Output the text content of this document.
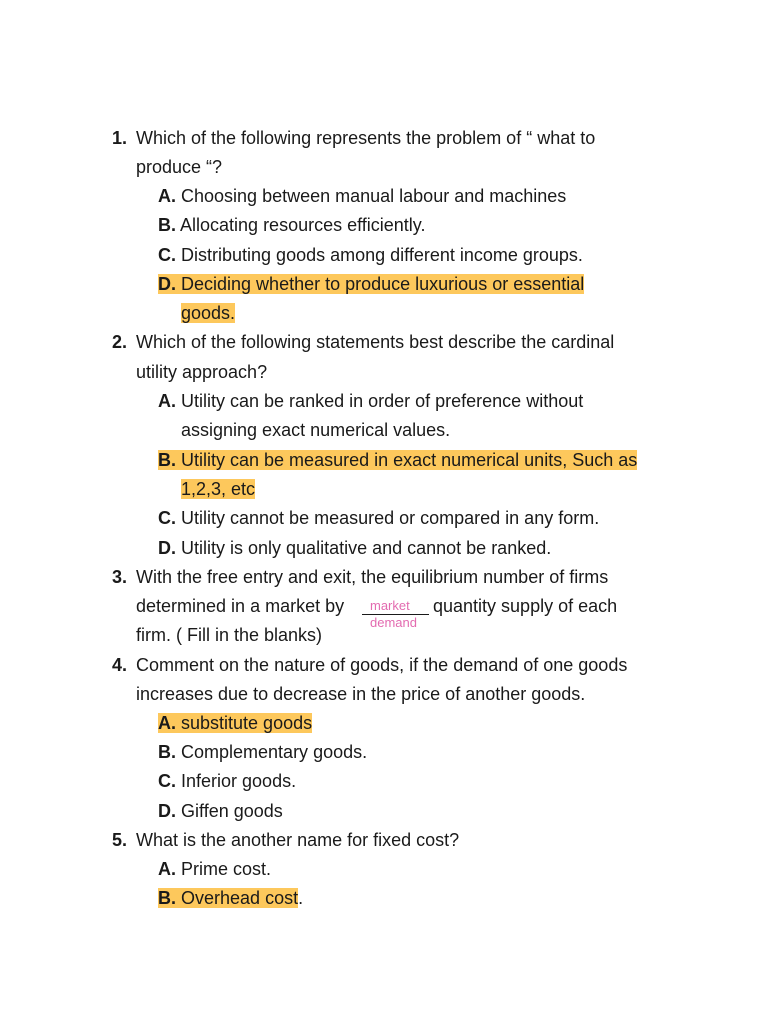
1. Which of the following represents the problem of “ what to
produce “?
A. Choosing between manual labour and machines
B. Allocating resources efficiently.
C. Distributing goods among different income groups.
D. Deciding whether to produce luxurious or essential
goods.
2. Which of the following statements best describe the cardinal
utility approach?
A. Utility can be ranked in order of preference without
assigning exact numerical values.
B. Utility can be measured in exact numerical units, Such as
1,2,3, etc
C. Utility cannot be measured or compared in any form.
D. Utility is only qualitative and cannot be ranked.
3. With the free entry and exit, the equilibrium number of firms
determined in a market by market
demand
quantity supply of each
firm. ( Fill in the blanks)
4. Comment on the nature of goods, if the demand of one goods
increases due to decrease in the price of another goods.
A. substitute goods
B. Complementary goods.
C. Inferior goods.
D. Giffen goods
5. What is the another name for fixed cost?
A. Prime cost.
B. Overhead cost.
